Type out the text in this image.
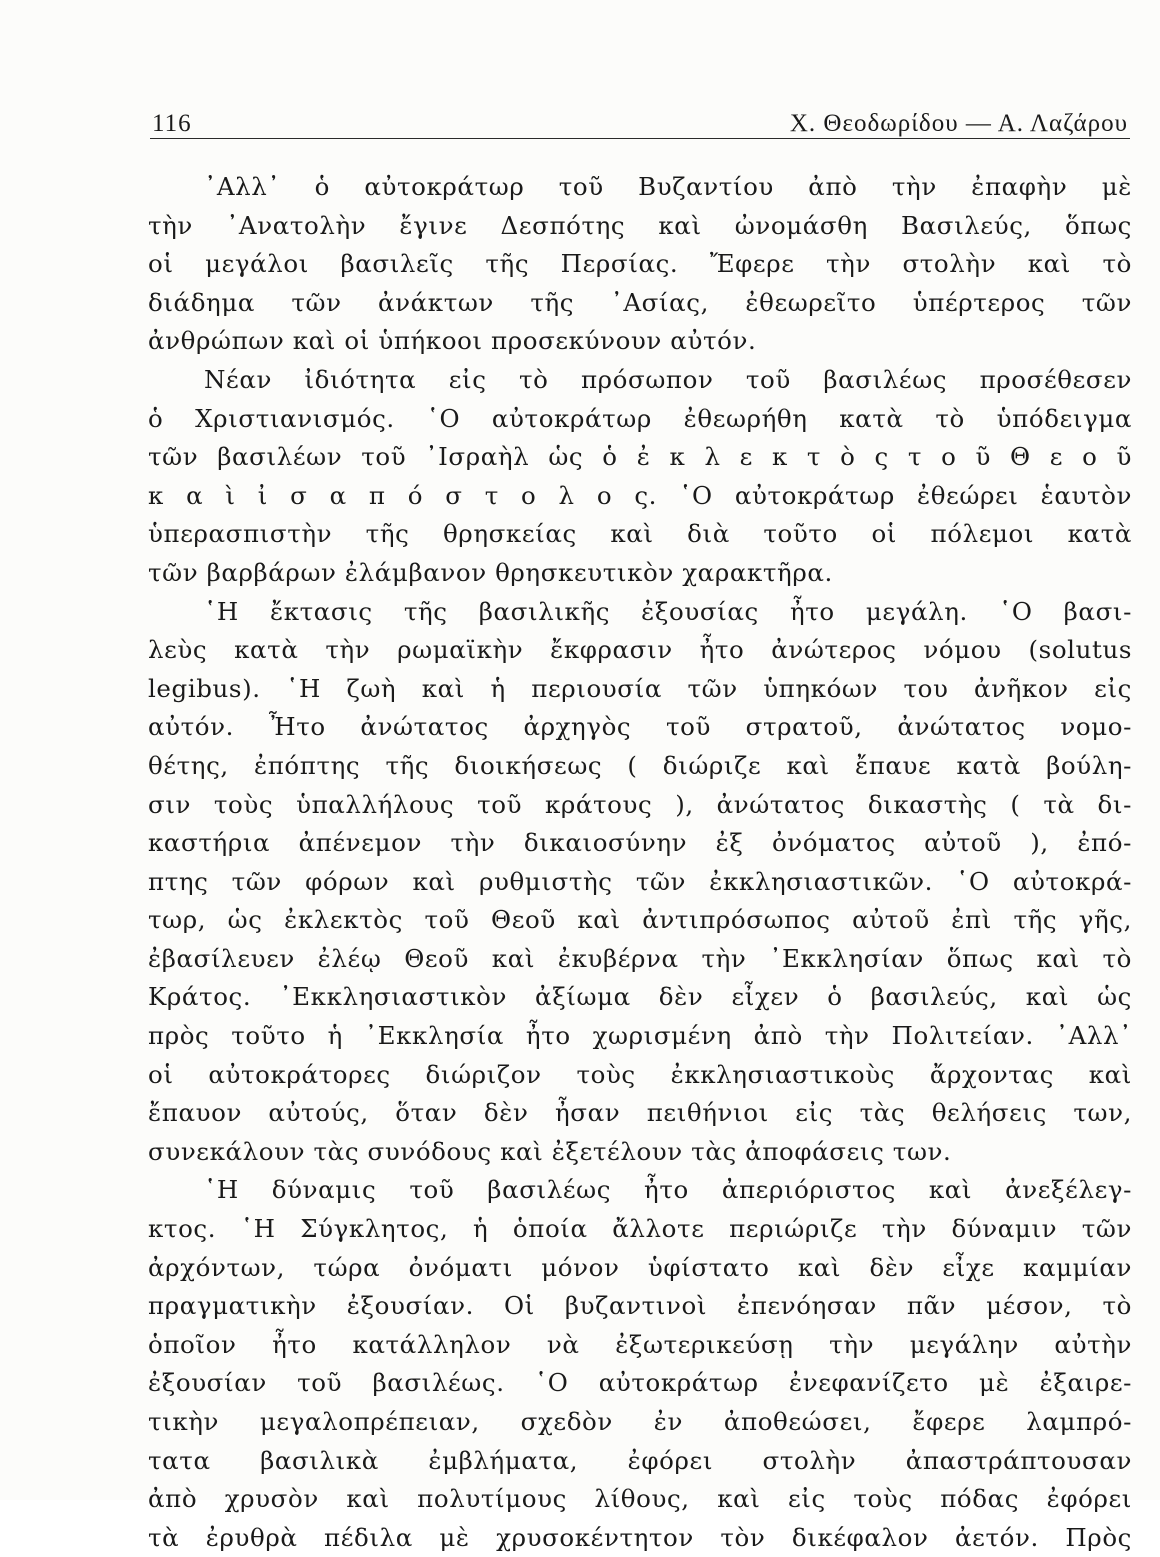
116	Χ. Θεοδωρίδου — Α. Λαζάρου
᾿Αλλ᾿ ὁ αὐτοκράτωρ τοῦ Βυζαντίου ἀπὸ τὴν ἐπαφὴν μὲ
τὴν ᾿Ανατολὴν ἔγινε Δεσπότης καὶ ὠνομάσθη Βασιλεύς, ὅπως
οἱ μεγάλοι βασιλεῖς τῆς Περσίας. Ἔφερε τὴν στολὴν καὶ τὸ
διάδημα τῶν ἀνάκτων τῆς ᾿Ασίας, ἐθεωρεῖτο ὑπέρτερος τῶν
ἀνθρώπων καὶ οἱ ὑπήκοοι προσεκύνουν αὐτόν.
Νέαν ἰδιότητα εἰς τὸ πρόσωπον τοῦ βασιλέως προσέθεσεν
ὁ Χριστιανισμός. ῾Ο αὐτοκράτωρ ἐθεωρήθη κατὰ τὸ ὑπόδειγμα
τῶν βασιλέων τοῦ ᾿Ισραὴλ ὡς ὁ ἐ κ λ ε κ τ ὸ ς τ ο ῦ Θ ε ο ῦ
κ α ὶ ἰ σ α π ό σ τ ο λ ο ς. ῾Ο αὐτοκράτωρ ἐθεώρει ἑαυτὸν
ὑπερασπιστὴν τῆς θρησκείας καὶ διὰ τοῦτο οἱ πόλεμοι κατὰ
τῶν βαρβάρων ἐλάμβανον θρησκευτικὸν χαρακτῆρα.
῾Η ἔκτασις τῆς βασιλικῆς ἐξουσίας ἦτο μεγάλη. ῾Ο βασι-
λεὺς κατὰ τὴν ρωμαϊκὴν ἔκφρασιν ἦτο ἀνώτερος νόμου (solutus
legibus). ῾Η ζωὴ καὶ ἡ περιουσία τῶν ὑπηκόων του ἀνῆκον εἰς
αὐτόν. Ἦτο ἀνώτατος ἀρχηγὸς τοῦ στρατοῦ, ἀνώτατος νομο-
θέτης, ἐπόπτης τῆς διοικήσεως ( διώριζε καὶ ἔπαυε κατὰ βούλη-
σιν τοὺς ὑπαλλήλους τοῦ κράτους ), ἀνώτατος δικαστὴς ( τὰ δι-
καστήρια ἀπένεμον τὴν δικαιοσύνην ἐξ ὀνόματος αὐτοῦ ), ἐπό-
πτης τῶν φόρων καὶ ρυθμιστὴς τῶν ἐκκλησιαστικῶν. ῾Ο αὐτοκρά-
τωρ, ὡς ἐκλεκτὸς τοῦ Θεοῦ καὶ ἀντιπρόσωπος αὐτοῦ ἐπὶ τῆς γῆς,
ἐβασίλευεν ἐλέῳ Θεοῦ καὶ ἐκυβέρνα τὴν ᾿Εκκλησίαν ὅπως καὶ τὸ
Κράτος. ᾿Εκκλησιαστικὸν ἀξίωμα δὲν εἶχεν ὁ βασιλεύς, καὶ ὡς
πρὸς τοῦτο ἡ ᾿Εκκλησία ἦτο χωρισμένη ἀπὸ τὴν Πολιτείαν. ᾿Αλλ᾿
οἱ αὐτοκράτορες διώριζον τοὺς ἐκκλησιαστικοὺς ἄρχοντας καὶ
ἔπαυον αὐτούς, ὅταν δὲν ἦσαν πειθήνιοι εἰς τὰς θελήσεις των,
συνεκάλουν τὰς συνόδους καὶ ἐξετέλουν τὰς ἀποφάσεις των.
῾Η δύναμις τοῦ βασιλέως ἦτο ἀπεριόριστος καὶ ἀνεξέλεγ-
κτος. ῾Η Σύγκλητος, ἡ ὁποία ἄλλοτε περιώριζε τὴν δύναμιν τῶν
ἀρχόντων, τώρα ὀνόματι μόνον ὑφίστατο καὶ δὲν εἶχε καμμίαν
πραγματικὴν ἐξουσίαν. Οἱ βυζαντινοὶ ἐπενόησαν πᾶν μέσον, τὸ
ὁποῖον ἦτο κατάλληλον νὰ ἐξωτερικεύσῃ τὴν μεγάλην αὐτὴν
ἐξουσίαν τοῦ βασιλέως. ῾Ο αὐτοκράτωρ ἐνεφανίζετο μὲ ἐξαιρε-
τικὴν μεγαλοπρέπειαν, σχεδὸν ἐν ἀποθεώσει, ἔφερε λαμπρό-
τατα βασιλικὰ ἐμβλήματα, ἐφόρει στολὴν ἀπαστράπτουσαν
ἀπὸ χρυσὸν καὶ πολυτίμους λίθους, καὶ εἰς τοὺς πόδας ἐφόρει
τὰ ἐρυθρὰ πέδιλα μὲ χρυσοκέντητον τὸν δικέφαλον ἀετόν. Πρὸς
